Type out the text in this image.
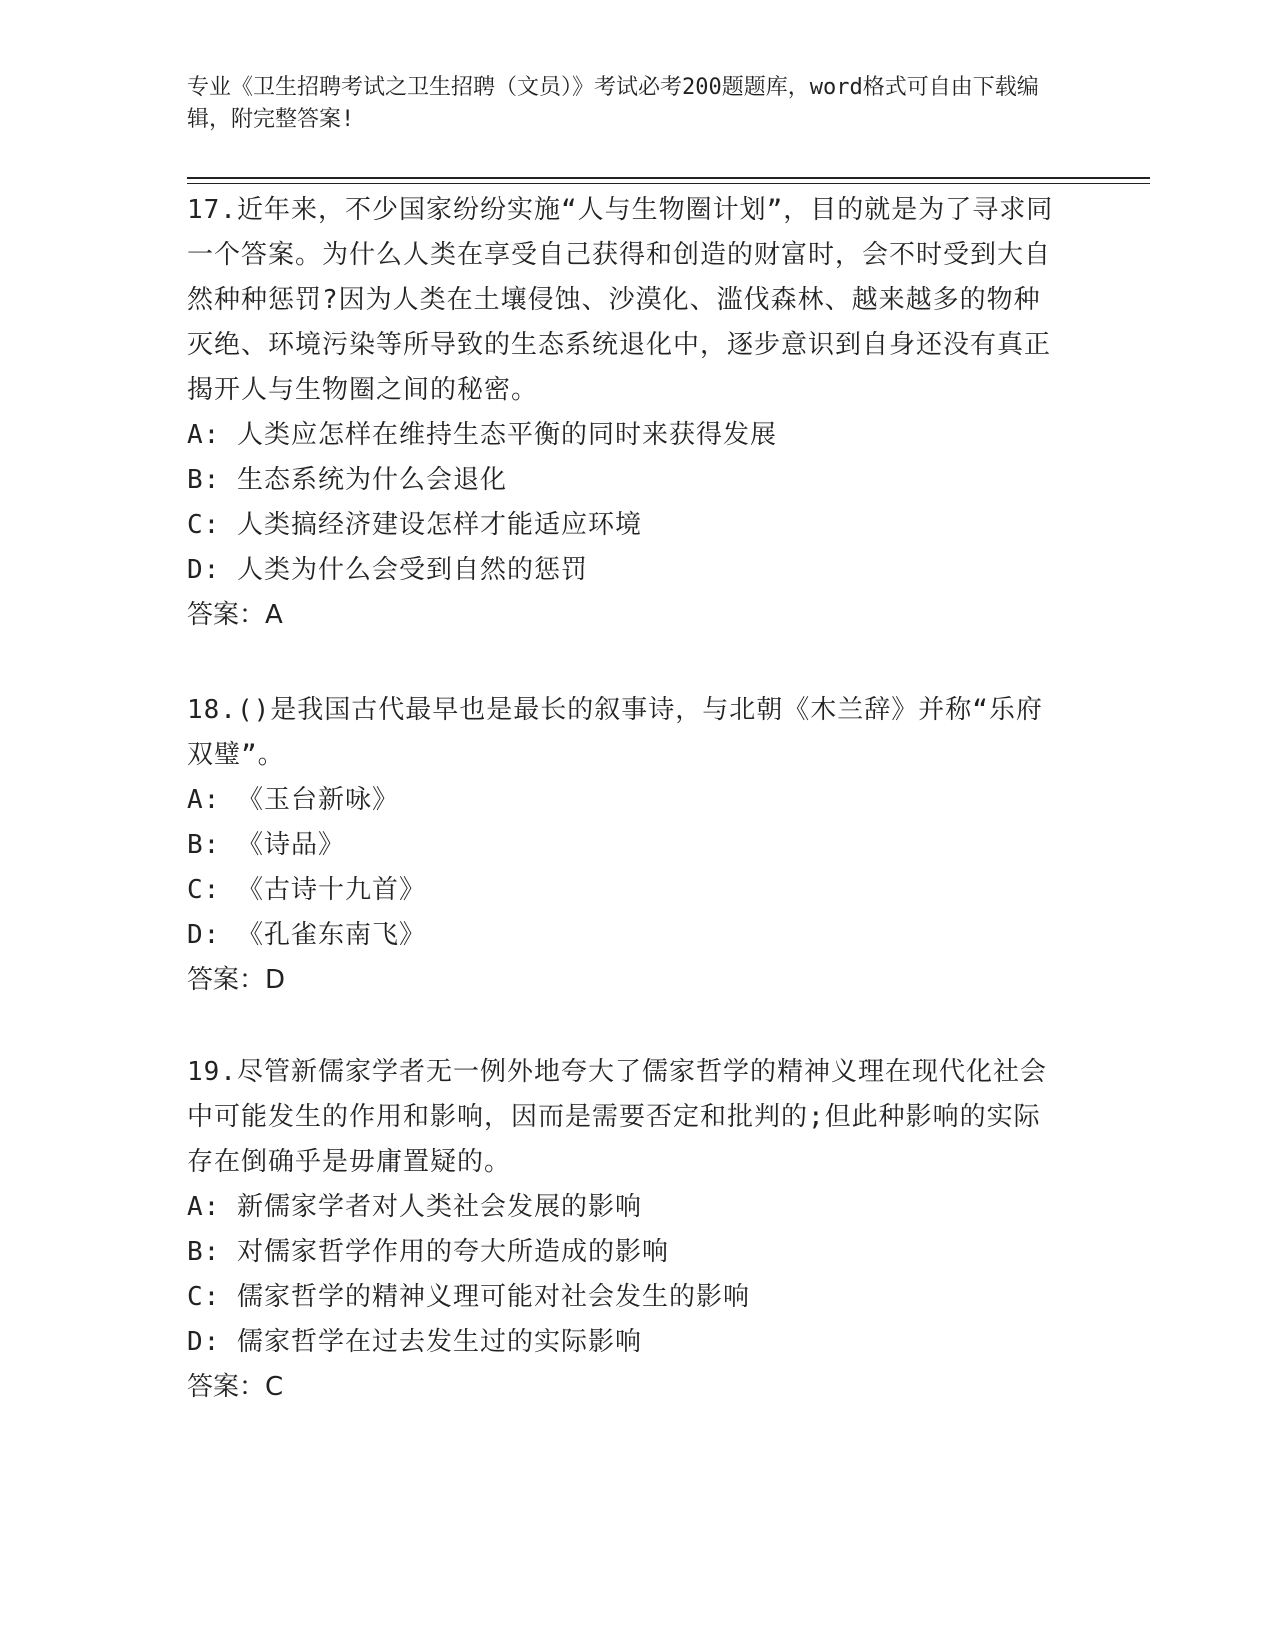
专业《卫生招聘考试之卫生招聘（文员）》考试必考200题题库，word格式可自由下载编辑，附完整答案!

17.近年来，不少国家纷纷实施“人与生物圈计划”，目的就是为了寻求同一个答案。为什么人类在享受自己获得和创造的财富时，会不时受到大自然种种惩罚?因为人类在土壤侵蚀、沙漠化、滥伐森林、越来越多的物种灭绝、环境污染等所导致的生态系统退化中，逐步意识到自身还没有真正揭开人与生物圈之间的秘密。

A: 人类应怎样在维持生态平衡的同时来获得发展

B: 生态系统为什么会退化

C: 人类搞经济建设怎样才能适应环境

D: 人类为什么会受到自然的惩罚

答案：A

18.()是我国古代最早也是最长的叙事诗，与北朝《木兰辞》并称“乐府双璧”。

A: 《玉台新咏》

B: 《诗品》

C: 《古诗十九首》

D: 《孔雀东南飞》

答案：D

19.尽管新儒家学者无一例外地夸大了儒家哲学的精神义理在现代化社会中可能发生的作用和影响，因而是需要否定和批判的;但此种影响的实际存在倒确乎是毋庸置疑的。

A: 新儒家学者对人类社会发展的影响

B: 对儒家哲学作用的夸大所造成的影响

C: 儒家哲学的精神义理可能对社会发生的影响

D: 儒家哲学在过去发生过的实际影响

答案：C
